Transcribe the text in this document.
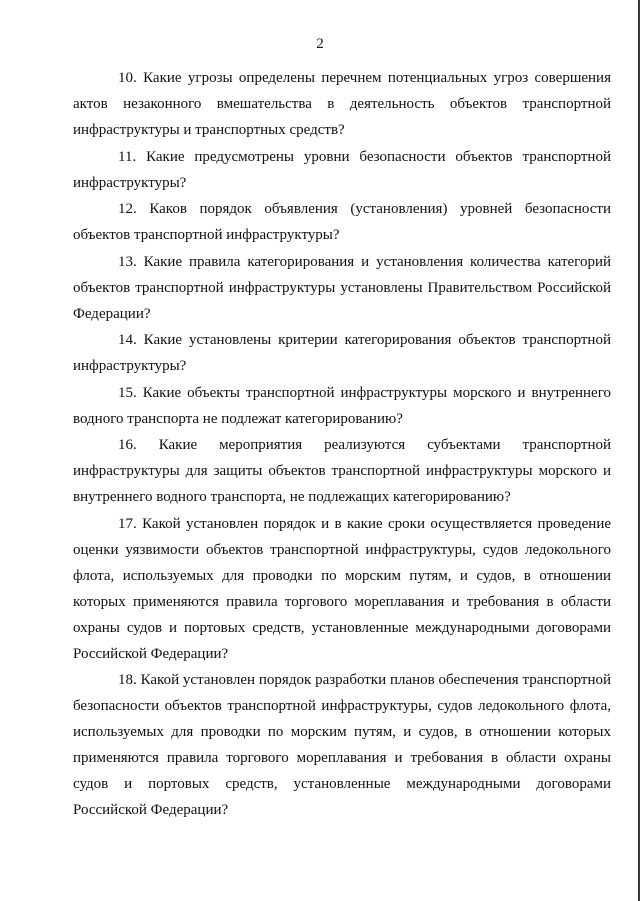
2

10. Какие угрозы определены перечнем потенциальных угроз совершения актов незаконного вмешательства в деятельность объектов транспортной инфраструктуры и транспортных средств?

11. Какие предусмотрены уровни безопасности объектов транспортной инфраструктуры?

12. Каков порядок объявления (установления) уровней безопасности объектов транспортной инфраструктуры?

13. Какие правила категорирования и установления количества категорий объектов транспортной инфраструктуры установлены Правительством Российской Федерации?

14. Какие установлены критерии категорирования объектов транспортной инфраструктуры?

15. Какие объекты транспортной инфраструктуры морского и внутреннего водного транспорта не подлежат категорированию?

16. Какие мероприятия реализуются субъектами транспортной инфраструктуры для защиты объектов транспортной инфраструктуры морского и внутреннего водного транспорта, не подлежащих категорированию?

17. Какой установлен порядок и в какие сроки осуществляется проведение оценки уязвимости объектов транспортной инфраструктуры, судов ледокольного флота, используемых для проводки по морским путям, и судов, в отношении которых применяются правила торгового мореплавания и требования в области охраны судов и портовых средств, установленные международными договорами Российской Федерации?

18. Какой установлен порядок разработки планов обеспечения транспортной безопасности объектов транспортной инфраструктуры, судов ледокольного флота, используемых для проводки по морским путям, и судов, в отношении которых применяются правила торгового мореплавания и требования в области охраны судов и портовых средств, установленные международными договорами Российской Федерации?
